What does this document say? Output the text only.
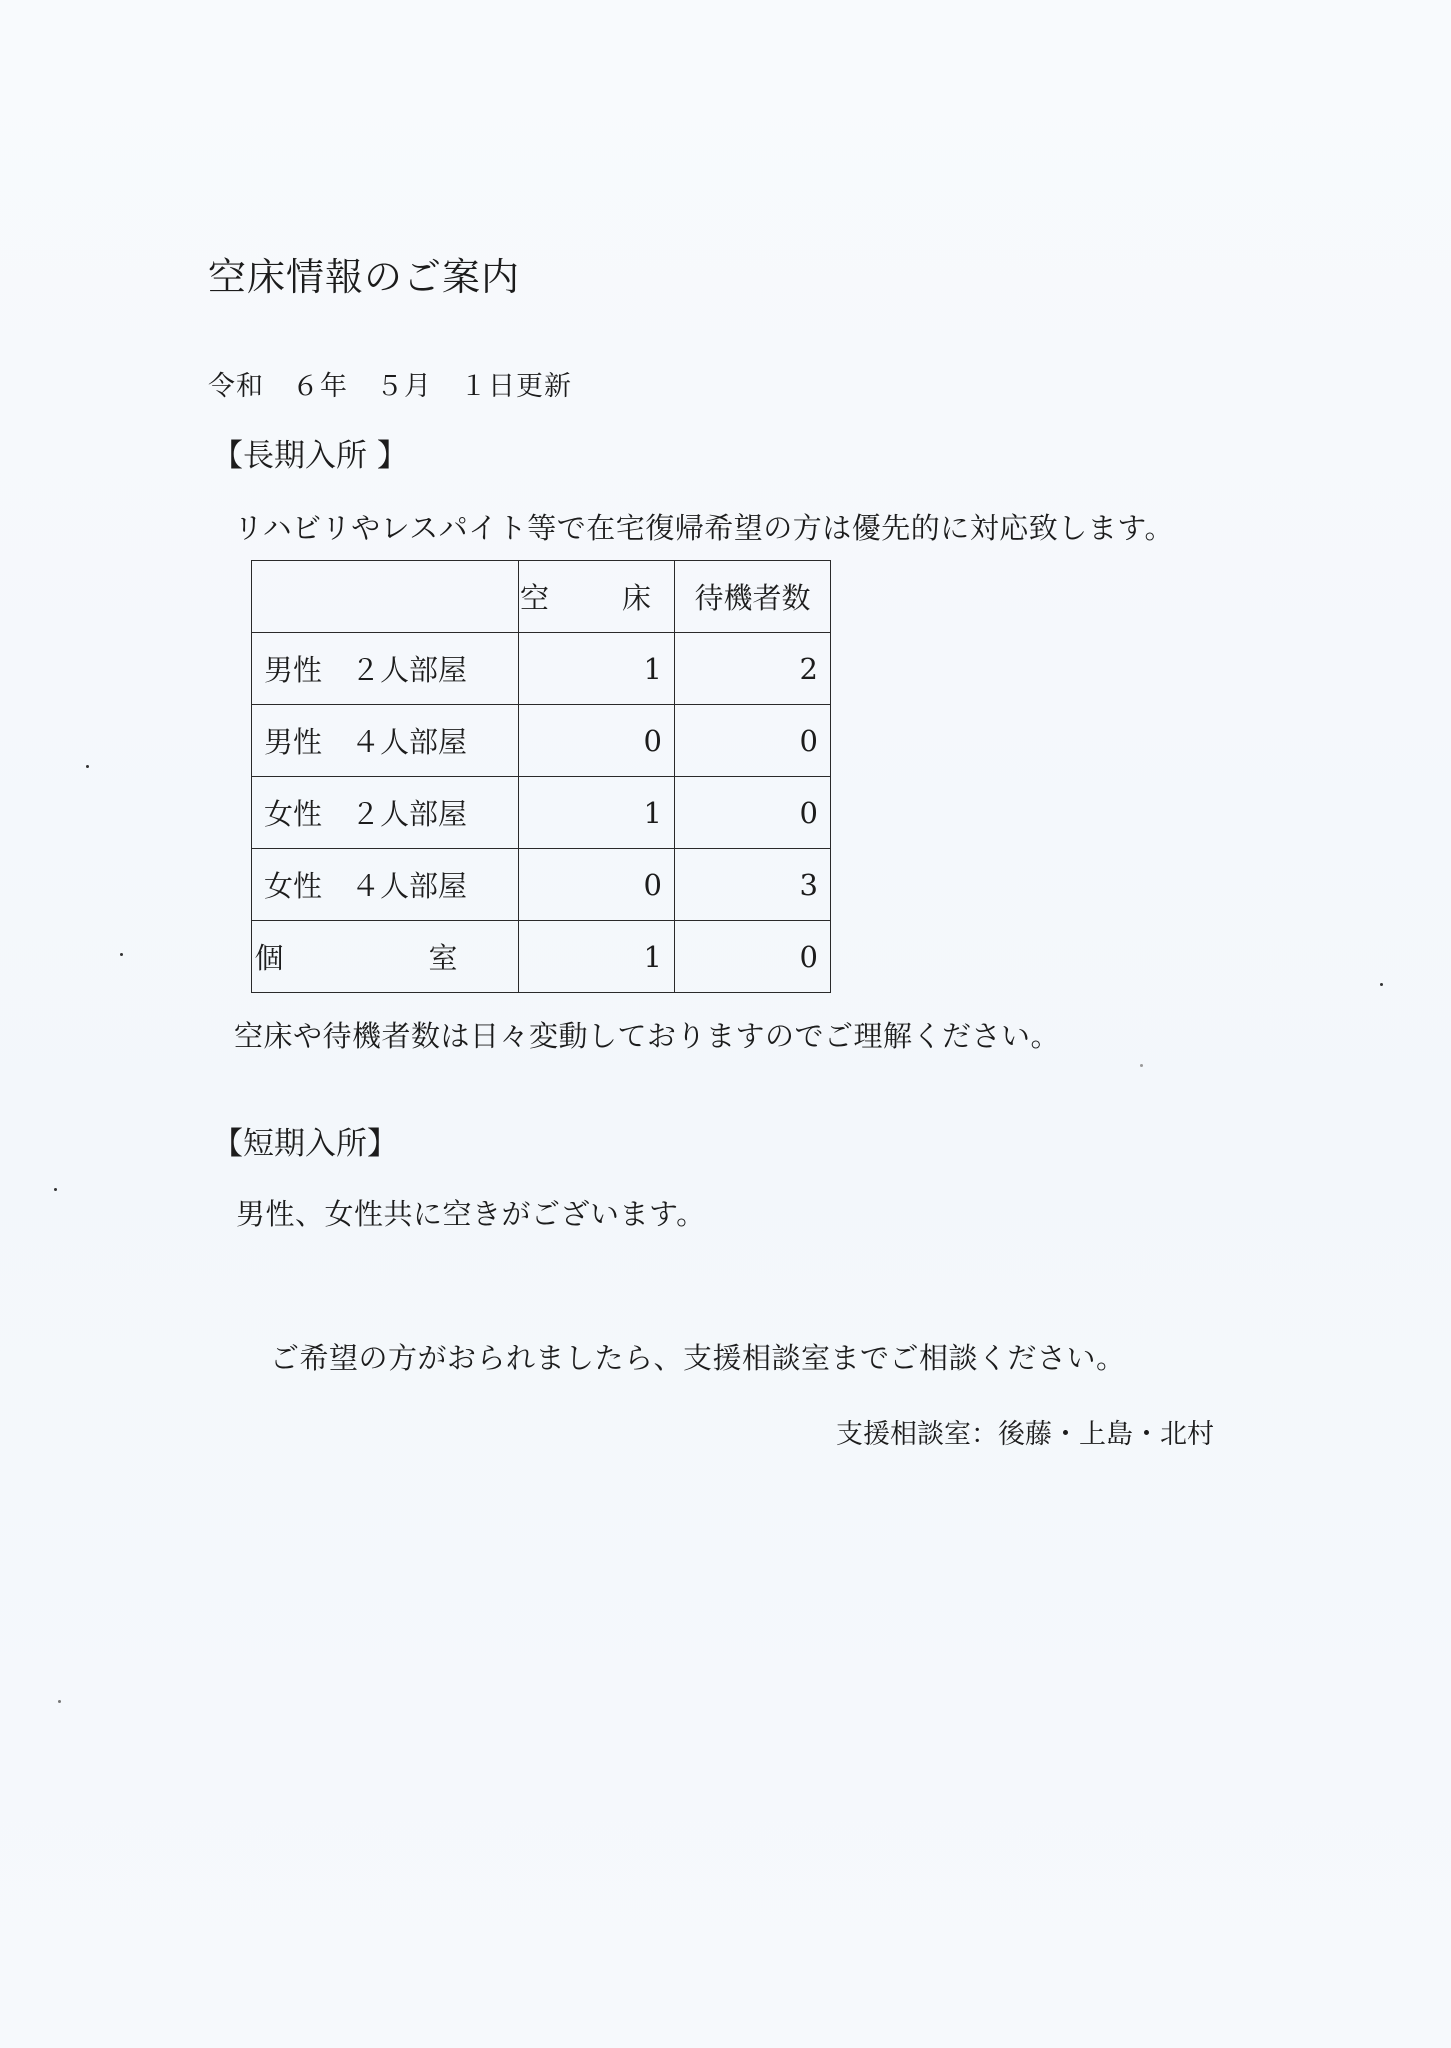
空床情報のご案内
令和　６年　５月　１日更新
【長期入所 】
リハビリやレスパイト等で在宅復帰希望の方は優先的に対応致します。
	空　床	待機者数
男性　２人部屋	1	2
男性　４人部屋	0	0
女性　２人部屋	1	0
女性　４人部屋	0	3
個　室	1	0
空床や待機者数は日々変動しておりますのでご理解ください。
【短期入所】
男性、女性共に空きがございます。
ご希望の方がおられましたら、支援相談室までご相談ください。
支援相談室：後藤・上島・北村
